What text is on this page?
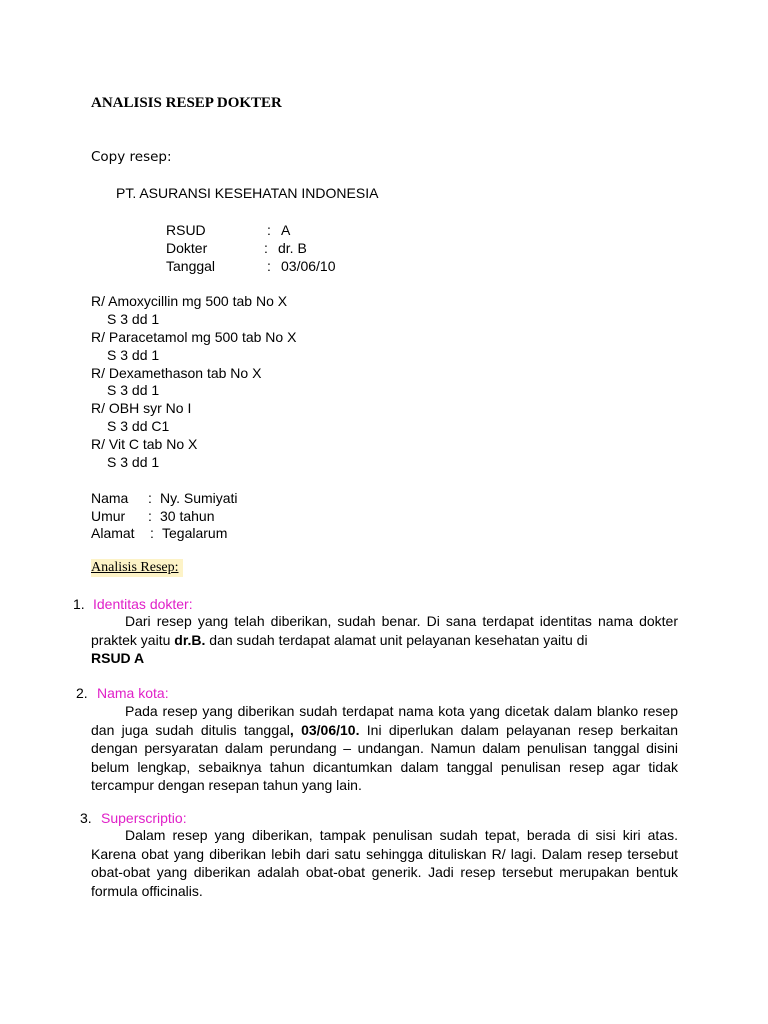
ANALISIS RESEP DOKTER
Copy resep:
PT. ASURANSI KESEHATAN INDONESIA
RSUD	: A
Dokter	: dr. B
Tanggal	: 03/06/10
R/ Amoxycillin mg 500 tab No X
S 3 dd 1
R/ Paracetamol mg 500 tab No X
S 3 dd 1
R/ Dexamethason tab No X
S 3 dd 1
R/ OBH syr No I
S 3 dd C1
R/ Vit C tab No X
S 3 dd 1
Nama : Ny. Sumiyati
Umur : 30 tahun
Alamat : Tegalarum
Analisis Resep:
1. Identitas dokter:
Dari resep yang telah diberikan, sudah benar. Di sana terdapat identitas nama dokter praktek yaitu dr.B. dan sudah terdapat alamat unit pelayanan kesehatan yaitu di
RSUD A
2. Nama kota:
Pada resep yang diberikan sudah terdapat nama kota yang dicetak dalam blanko resep dan juga sudah ditulis tanggal, 03/06/10. Ini diperlukan dalam pelayanan resep berkaitan dengan persyaratan dalam perundang – undangan. Namun dalam penulisan tanggal disini belum lengkap, sebaiknya tahun dicantumkan dalam tanggal penulisan resep agar tidak tercampur dengan resepan tahun yang lain.
3. Superscriptio:
Dalam resep yang diberikan, tampak penulisan sudah tepat, berada di sisi kiri atas. Karena obat yang diberikan lebih dari satu sehingga dituliskan R/ lagi. Dalam resep tersebut obat-obat yang diberikan adalah obat-obat generik. Jadi resep tersebut merupakan bentuk formula officinalis.
